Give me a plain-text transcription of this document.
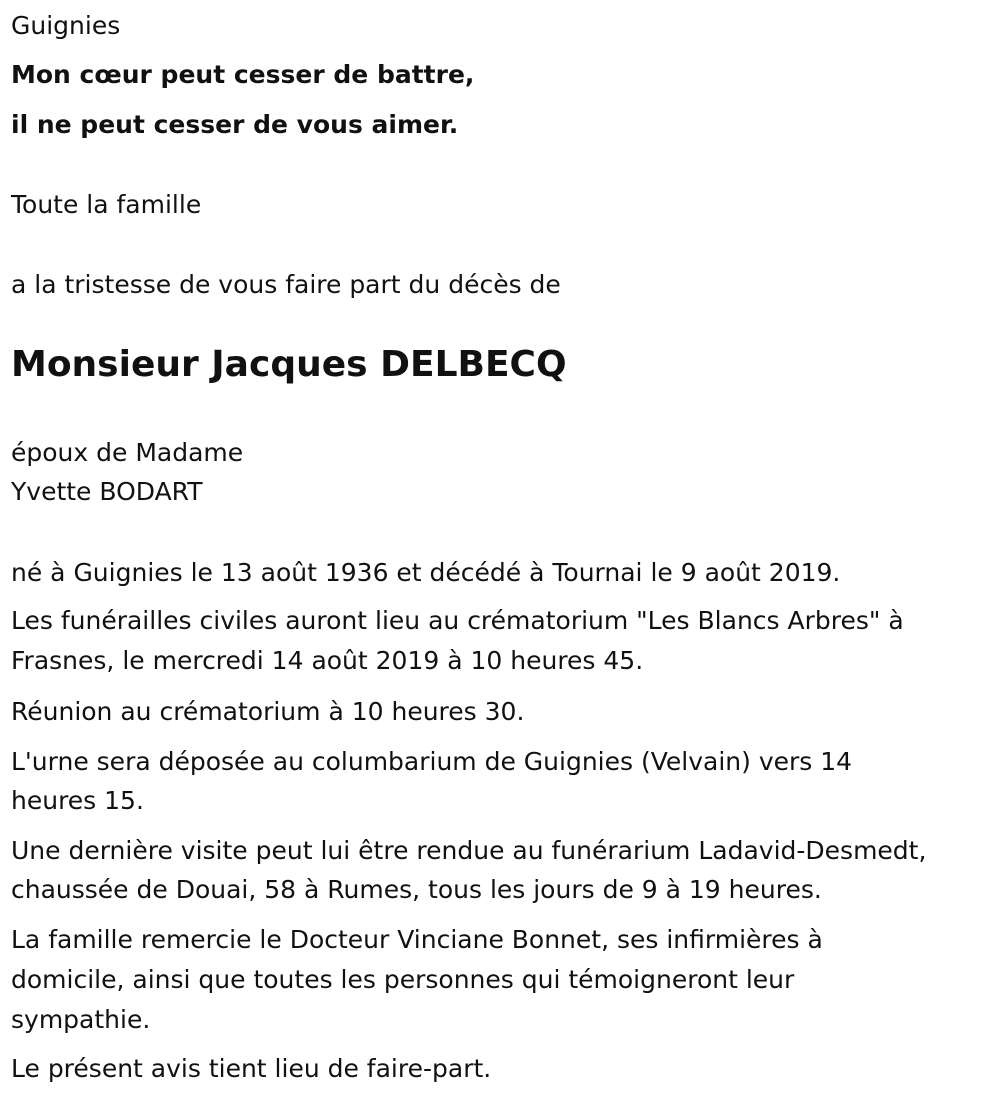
Guignies
Mon cœur peut cesser de battre,
il ne peut cesser de vous aimer.
Toute la famille
a la tristesse de vous faire part du décès de
Monsieur Jacques DELBECQ
époux de Madame
Yvette BODART
né à Guignies le 13 août 1936 et décédé à Tournai le 9 août 2019.
Les funérailles civiles auront lieu au crématorium "Les Blancs Arbres" à
Frasnes, le mercredi 14 août 2019 à 10 heures 45.
Réunion au crématorium à 10 heures 30.
L'urne sera déposée au columbarium de Guignies (Velvain) vers 14
heures 15.
Une dernière visite peut lui être rendue au funérarium Ladavid-Desmedt,
chaussée de Douai, 58 à Rumes, tous les jours de 9 à 19 heures.
La famille remercie le Docteur Vinciane Bonnet, ses infirmières à
domicile, ainsi que toutes les personnes qui témoigneront leur
sympathie.
Le présent avis tient lieu de faire-part.
